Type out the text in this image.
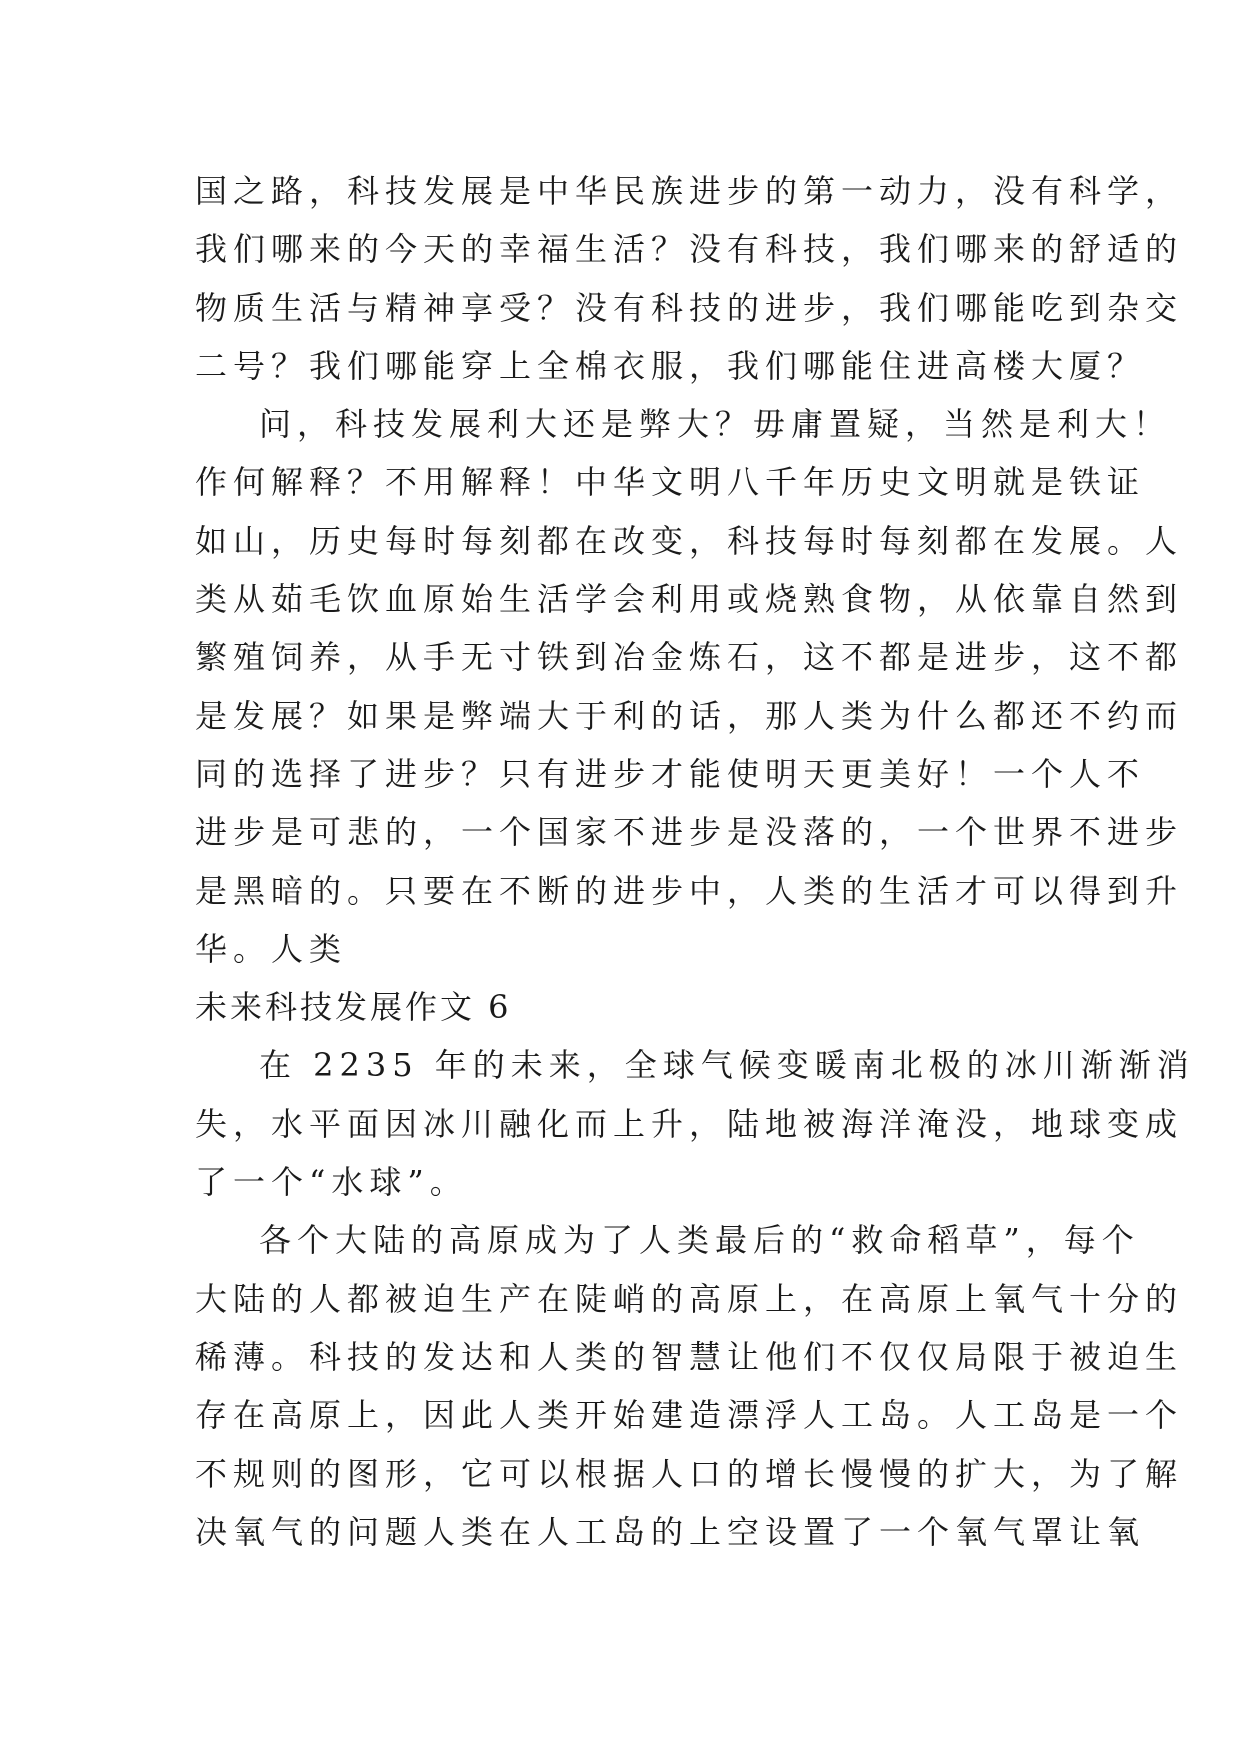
国之路，科技发展是中华民族进步的第一动力，没有科学，
我们哪来的今天的幸福生活？没有科技，我们哪来的舒适的
物质生活与精神享受？没有科技的进步，我们哪能吃到杂交
二号？我们哪能穿上全棉衣服，我们哪能住进高楼大厦？
问，科技发展利大还是弊大？毋庸置疑，当然是利大！
作何解释？不用解释！中华文明八千年历史文明就是铁证
如山，历史每时每刻都在改变，科技每时每刻都在发展。人
类从茹毛饮血原始生活学会利用或烧熟食物，从依靠自然到
繁殖饲养，从手无寸铁到冶金炼石，这不都是进步，这不都
是发展？如果是弊端大于利的话，那人类为什么都还不约而
同的选择了进步？只有进步才能使明天更美好！一个人不
进步是可悲的，一个国家不进步是没落的，一个世界不进步
是黑暗的。只要在不断的进步中，人类的生活才可以得到升
华。人类
未来科技发展作文 6
在 2235 年的未来，全球气候变暖南北极的冰川渐渐消
失，水平面因冰川融化而上升，陆地被海洋淹没，地球变成
了一个“水球”。
各个大陆的高原成为了人类最后的“救命稻草”，每个
大陆的人都被迫生产在陡峭的高原上，在高原上氧气十分的
稀薄。科技的发达和人类的智慧让他们不仅仅局限于被迫生
存在高原上，因此人类开始建造漂浮人工岛。人工岛是一个
不规则的图形，它可以根据人口的增长慢慢的扩大，为了解
决氧气的问题人类在人工岛的上空设置了一个氧气罩让氧
